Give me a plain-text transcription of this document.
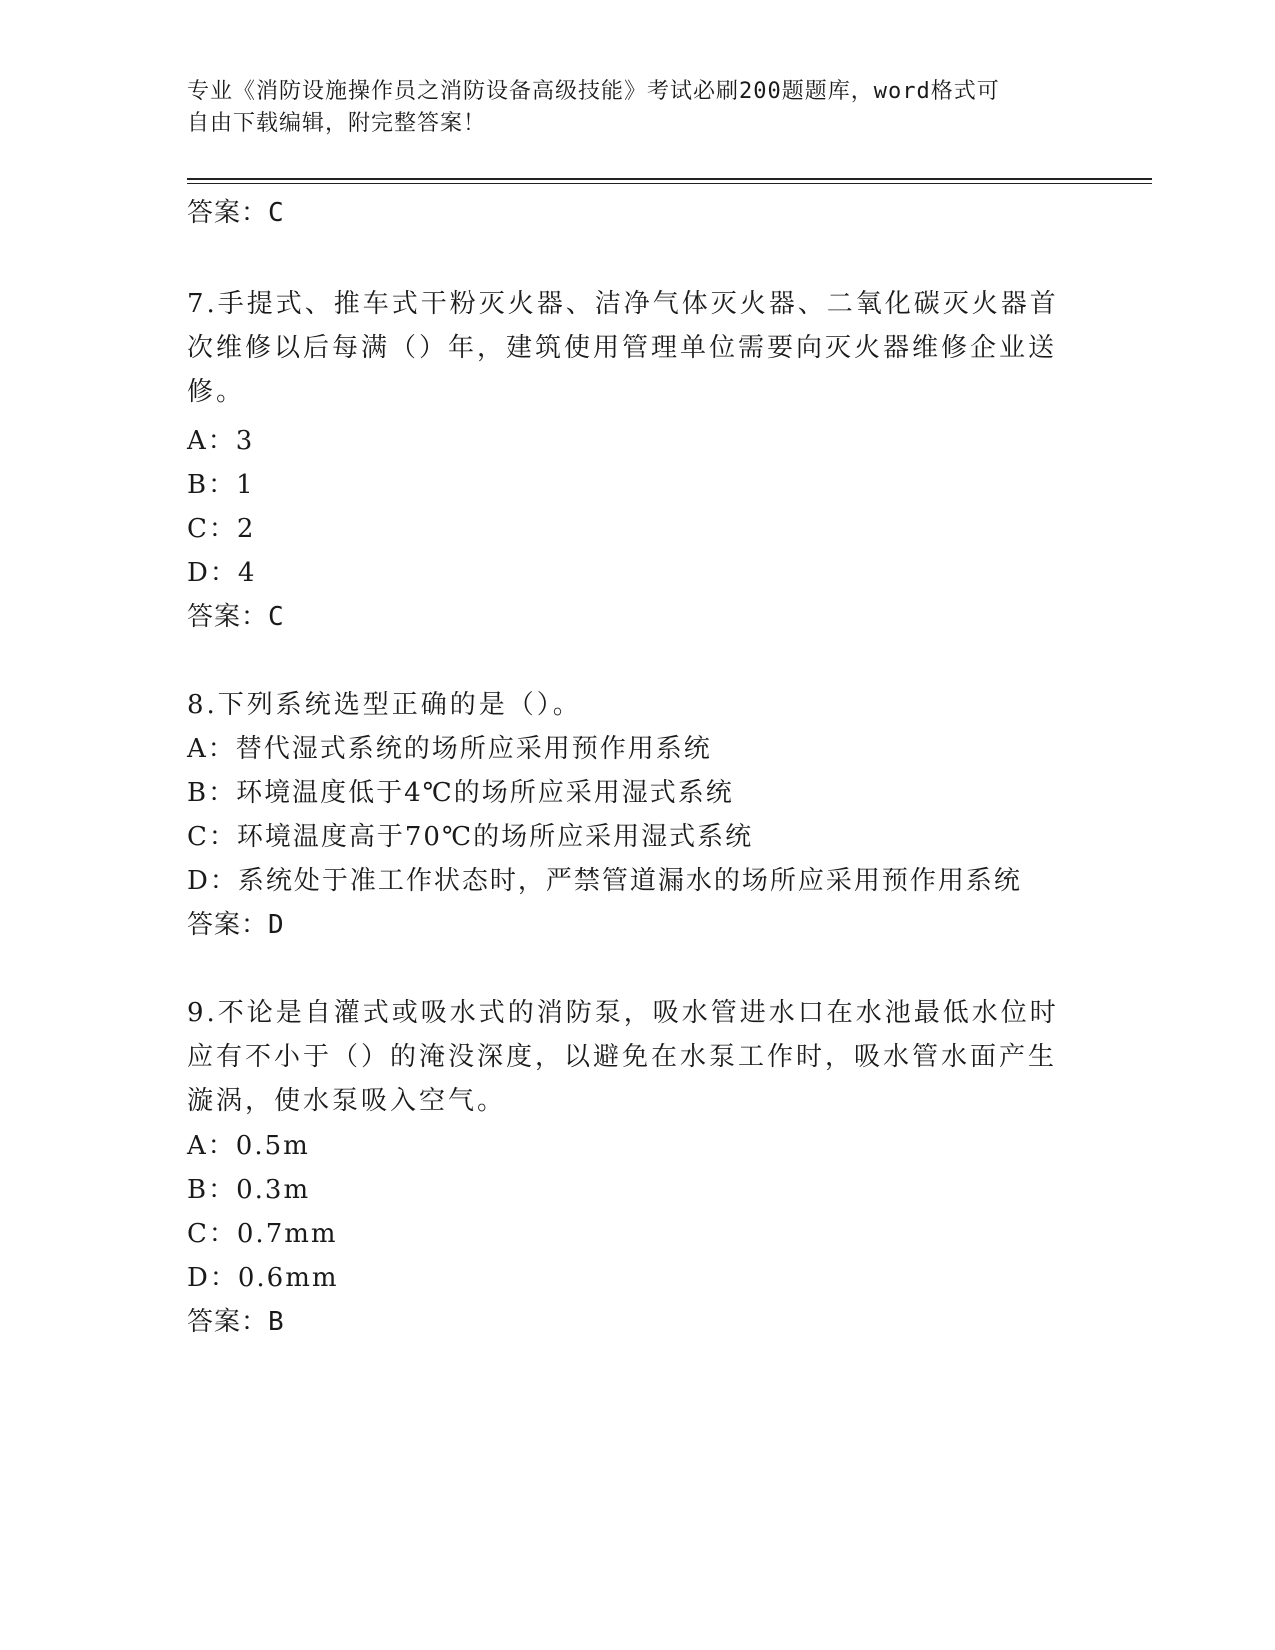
专业《消防设施操作员之消防设备高级技能》考试必刷200题题库，word格式可
自由下载编辑，附完整答案！
答案：C
7.手提式、推车式干粉灭火器、洁净气体灭火器、二氧化碳灭火器首
次维修以后每满（）年，建筑使用管理单位需要向灭火器维修企业送
修。
A：3
B：1
C：2
D：4
答案：C
8.下列系统选型正确的是（）。
A：替代湿式系统的场所应采用预作用系统
B：环境温度低于4℃的场所应采用湿式系统
C：环境温度高于70℃的场所应采用湿式系统
D：系统处于准工作状态时，严禁管道漏水的场所应采用预作用系统
答案：D
9.不论是自灌式或吸水式的消防泵，吸水管进水口在水池最低水位时
应有不小于（）的淹没深度，以避免在水泵工作时，吸水管水面产生
漩涡，使水泵吸入空气。
A：0.5m
B：0.3m
C：0.7mm
D：0.6mm
答案：B
